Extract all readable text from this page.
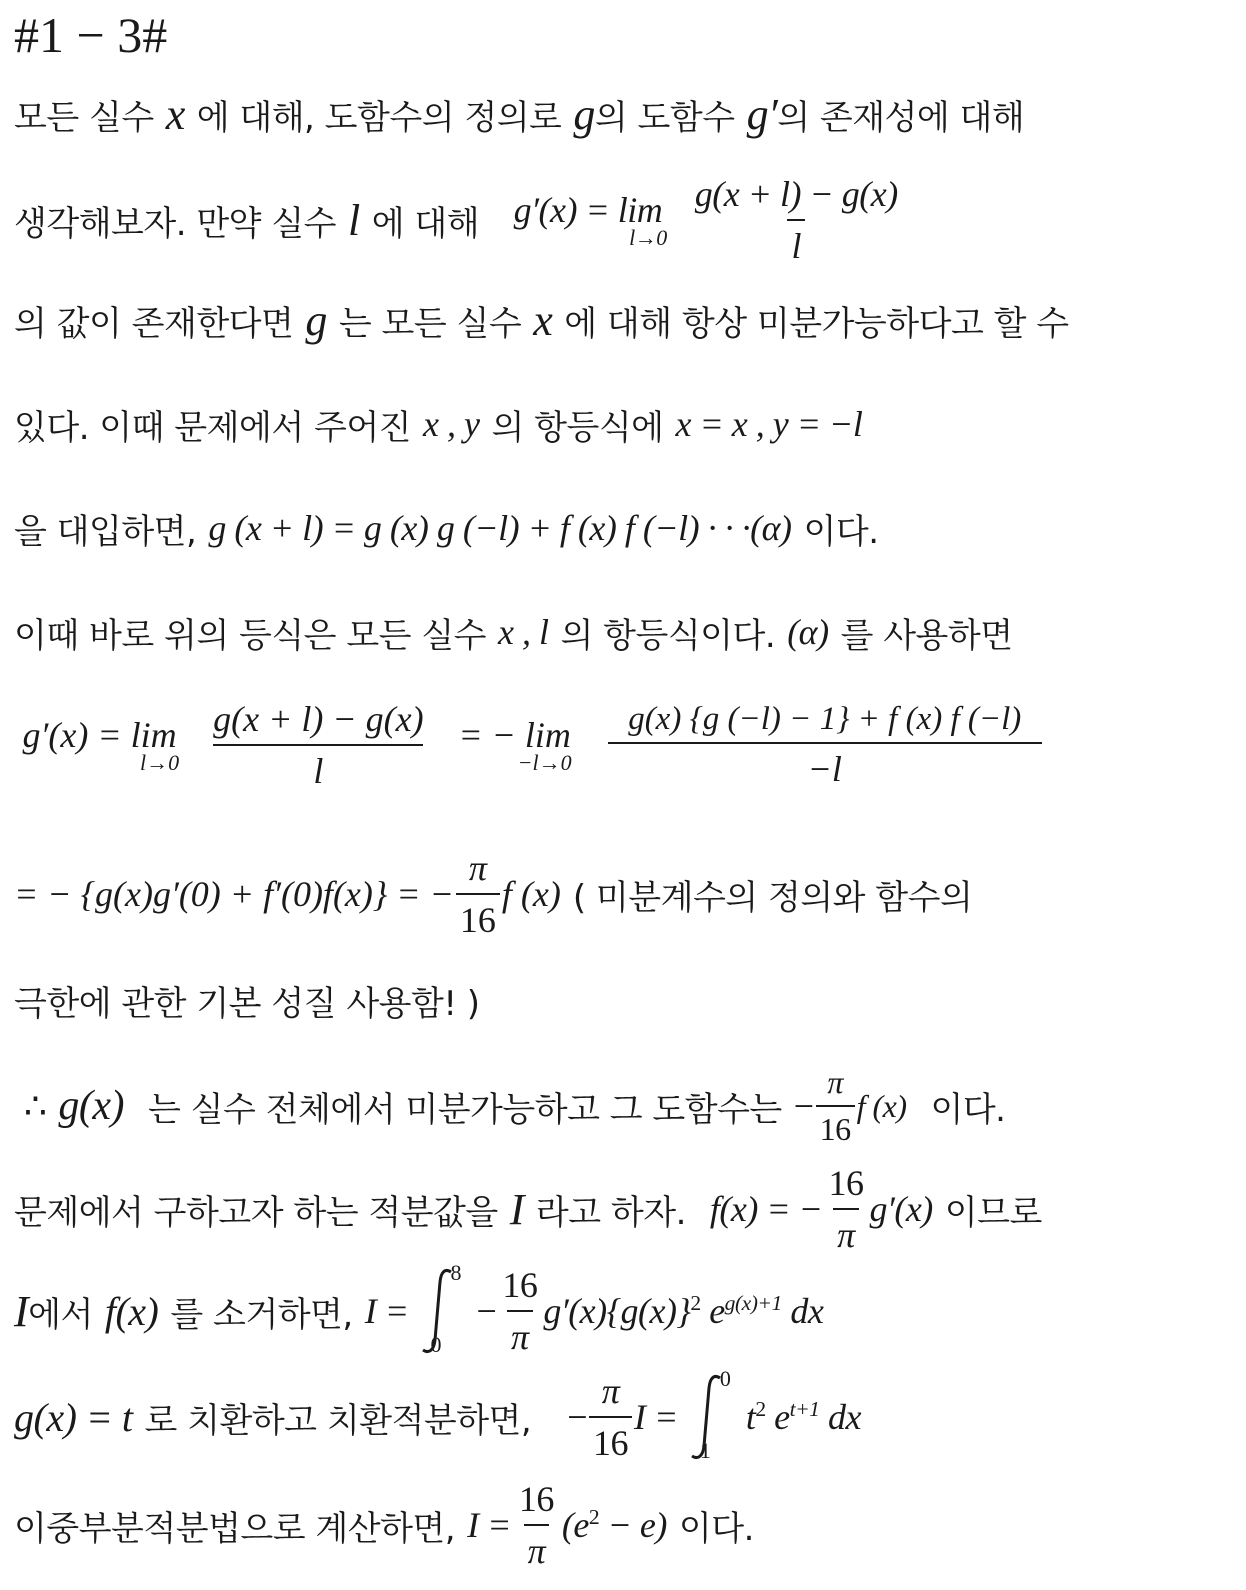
#1 − 3#
모든 실수 x 에 대해, 도함수의 정의로 g 의 도함수 g′ 의 존재성에 대해
생각해보자. 만약 실수 l 에 대해 g′(x) = lim
$l\to 0 \frac{g(x + l) - g(x)}{l}$
의 값이 존재한다면 g 는 모든 실수 x 에 대해 항상 미분가능하다고 할 수
있다. 이때 문제에서 주어진 x , y 의 항등식에 x = x , y = −l
을 대입하면, g (x + l) = g (x) g (−l) + f (x) f (−l) · · ·(α) 이다.
이때 바로 위의 등식은 모든 실수 x , l 의 항등식이다. (α) 를 사용하면
g′(x) = lim
$l\to 0 \frac{g(x + l) - g(x)}{l}$ = − lim
$-l\to 0 \frac{g(x) \{g (-l) - 1\} + f (x) f (-l)}{-l}$
= − {g(x)g′(0) + f′(0)f(x)} = − $\frac{\pi}{16}$ f (x) ( 미분계수의 정의와 함수의
극한에 관한 기본 성질 사용함! )
∴ g(x) 는 실수 전체에서 미분가능하고 그 도함수는 − $\frac{\pi}{16}$ f (x) 이다.
문제에서 구하고자 하는 적분값을 I 라고 하자. f(x) = − $\frac{16}{\pi} g'(x)$ 이므로
I 에서 f(x) 를 소거하면, I =
8
0
− $\frac{16}{\pi} g'(x)\{g(x)\}^2$ $e^{g(x)+1}$ dx
g(x) = t 로 치환하고 치환적분하면, − $\frac{\pi}{16}$ I =
0
1
$t^2$ $e^{t+1}$ dx
이중부분적분법으로 계산하면, $I = \frac{16}{\pi} (e^2 - e)$ 이다.
